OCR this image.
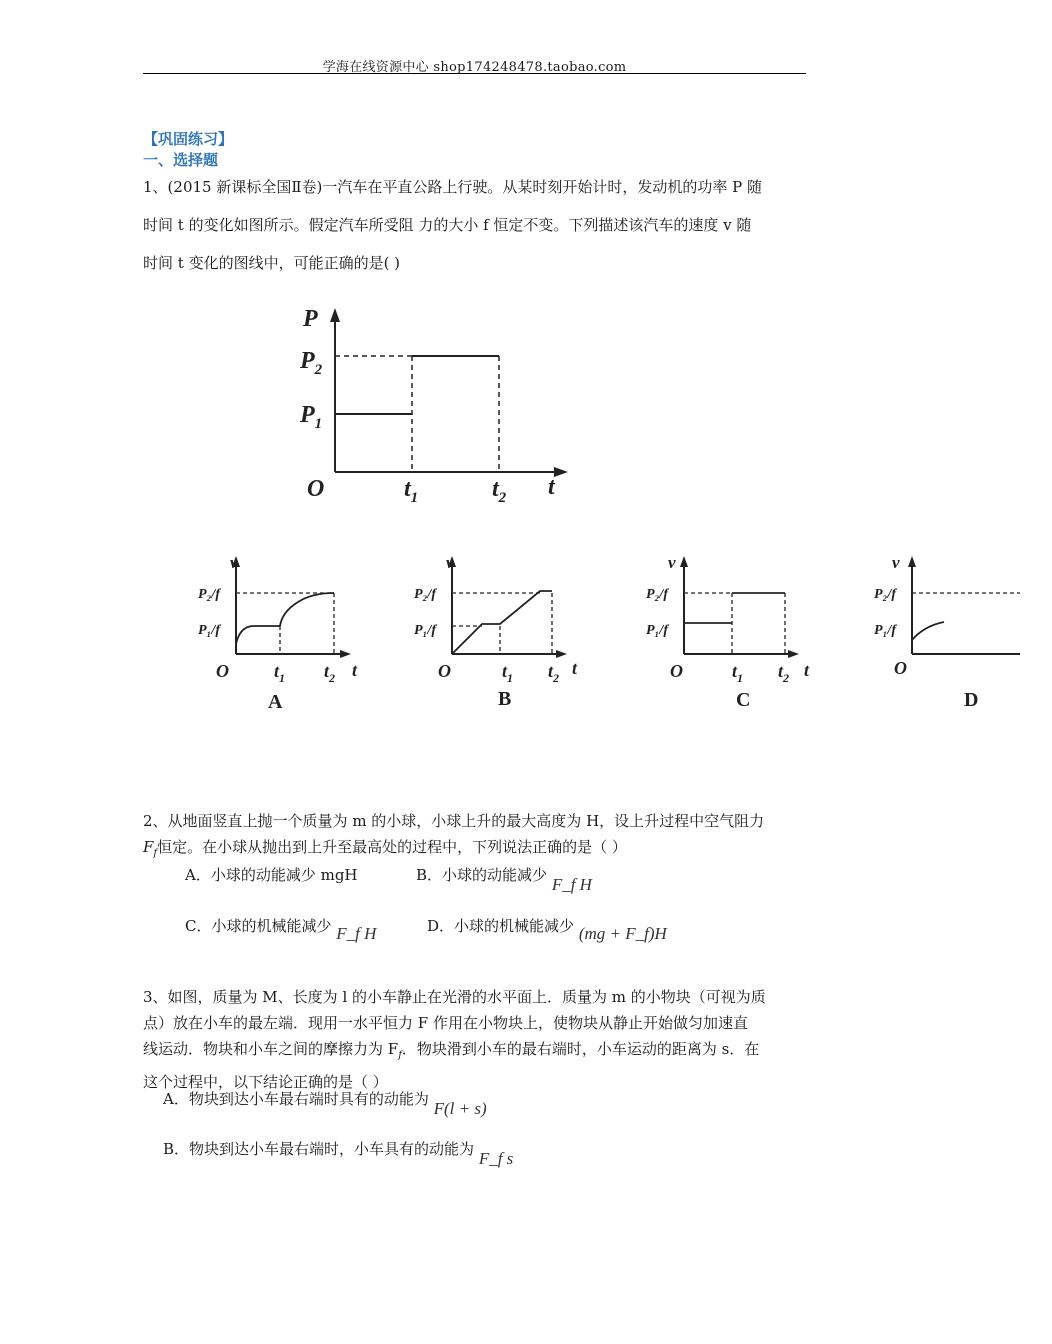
学海在线资源中心 shop174248478.taobao.com
【巩固练习】
一、选择题
1、(2015 新课标全国Ⅱ卷)一汽车在平直公路上行驶。从某时刻开始计时，发动机的功率 P 随
时间 t 的变化如图所示。假定汽车所受阻 力的大小 f 恒定不变。下列描述该汽车的速度 v 随
时间 t 变化的图线中，可能正确的是( )
P
$P_2$
$P_1$
O	$t_1$	$t_2$ t
v
P₂/f
P₁/f
O	$t_1$ $t_2$ t
A
v
P₂/f
P₁/f
O	$t_1$ $t_2$ t
B
v
P₂/f
P₁/f
O	$t_1$ $t_2$ t
C
v
P₂/f
P₁/f
O
D
2、从地面竖直上抛一个质量为 m 的小球，小球上升的最大高度为 H，设上升过程中空气阻力
$F_f$恒定。在小球从抛出到上升至最高处的过程中，下列说法正确的是（ ）
A．小球的动能减少 mgH	B．小球的动能减少 F_f H
C．小球的机械能减少 F_f H	D．小球的机械能减少 (mg + F_f)H
3、如图，质量为 M、长度为 l 的小车静止在光滑的水平面上．质量为 m 的小物块（可视为质
点）放在小车的最左端．现用一水平恒力 F 作用在小物块上，使物块从静止开始做匀加速直
线运动．物块和小车之间的摩擦力为 $F_f$．物块滑到小车的最右端时，小车运动的距离为 s．在
这个过程中，以下结论正确的是（ ）
A．物块到达小车最右端时具有的动能为 F(l + s)
B．物块到达小车最右端时，小车具有的动能为 F_f s
